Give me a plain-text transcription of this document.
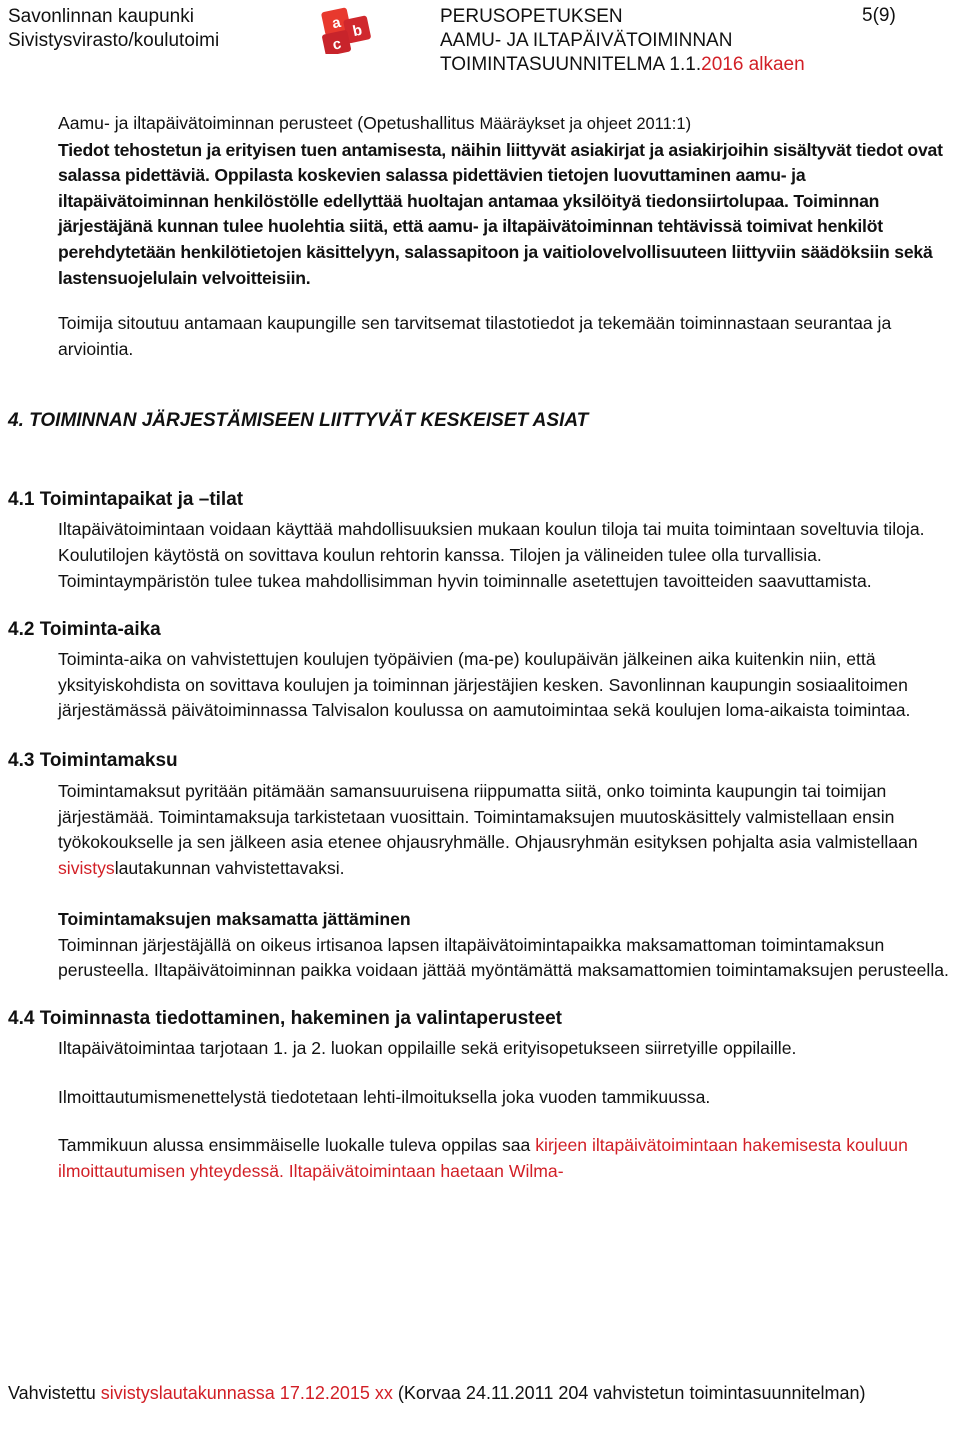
Savonlinnan kaupunki
Sivistysvirasto/koulutoimi
a b
c
PERUSOPETUKSEN
AAMU- JA ILTAPÄIVÄTOIMINNAN
TOIMINTASUUNNITELMA 1.1.2016 alkaen
5(9)

Aamu- ja iltapäivätoiminnan perusteet (Opetushallitus Määräykset ja ohjeet 2011:1)
Tiedot tehostetun ja erityisen tuen antamisesta, näihin liittyvät asiakirjat ja asiakirjoihin sisältyvät tiedot ovat salassa pidettäviä. Oppilasta koskevien salassa pidettävien tietojen luovuttaminen aamu- ja iltapäivätoiminnan henkilöstölle edellyttää huoltajan antamaa yksilöityä tiedonsiirtolupaa. Toiminnan järjestäjänä kunnan tulee huolehtia siitä, että aamu- ja iltapäivätoiminnan tehtävissä toimivat henkilöt perehdytetään henkilötietojen käsittelyyn, salassapitoon ja vaitiolovelvollisuuteen liittyviin säädöksiin sekä lastensuojelulain velvoitteisiin.

Toimija sitoutuu antamaan kaupungille sen tarvitsemat tilastotiedot ja tekemään toiminnastaan seurantaa ja arviointia.

4. TOIMINNAN JÄRJESTÄMISEEN LIITTYVÄT KESKEISET ASIAT
4.1 Toimintapaikat ja –tilat

Iltapäivätoimintaan voidaan käyttää mahdollisuuksien mukaan koulun tiloja tai muita toimintaan soveltuvia tiloja. Koulutilojen käytöstä on sovittava koulun rehtorin kanssa. Tilojen ja välineiden tulee olla turvallisia. Toimintaympäristön tulee tukea mahdollisimman hyvin toiminnalle asetettujen tavoitteiden saavuttamista.

4.2 Toiminta-aika

Toiminta-aika on vahvistettujen koulujen työpäivien (ma-pe) koulupäivän jälkeinen aika kuitenkin niin, että yksityiskohdista on sovittava koulujen ja toiminnan järjestäjien kesken. Savonlinnan kaupungin sosiaalitoimen järjestämässä päivätoiminnassa Talvisalon koulussa on aamutoimintaa sekä koulujen loma-aikaista toimintaa.

4.3 Toimintamaksu

Toimintamaksut pyritään pitämään samansuuruisena riippumatta siitä, onko toiminta kaupungin tai toimijan järjestämää. Toimintamaksuja tarkistetaan vuosittain. Toimintamaksujen muutoskäsittely valmistellaan ensin työkokoukselle ja sen jälkeen asia etenee ohjausryhmälle. Ohjausryhmän esityksen pohjalta asia valmistellaan sivistyslautakunnan vahvistettavaksi.

Toimintamaksujen maksamatta jättäminen

Toiminnan järjestäjällä on oikeus irtisanoa lapsen iltapäivätoimintapaikka maksamattoman toimintamaksun perusteella. Iltapäivätoiminnan paikka voidaan jättää myöntämättä maksamattomien toimintamaksujen perusteella.

4.4 Toiminnasta tiedottaminen, hakeminen ja valintaperusteet

Iltapäivätoimintaa tarjotaan 1. ja 2. luokan oppilaille sekä erityisopetukseen siirretyille oppilaille.

Ilmoittautumismenettelystä tiedotetaan lehti-ilmoituksella joka vuoden tammikuussa.

Tammikuun alussa ensimmäiselle luokalle tuleva oppilas saa kirjeen iltapäivätoimintaan hakemisesta kouluun ilmoittautumisen yhteydessä. Iltapäivätoimintaan haetaan Wilma-

Vahvistettu sivistyslautakunnassa 17.12.2015 xx (Korvaa 24.11.2011 204 vahvistetun toimintasuunnitelman)
